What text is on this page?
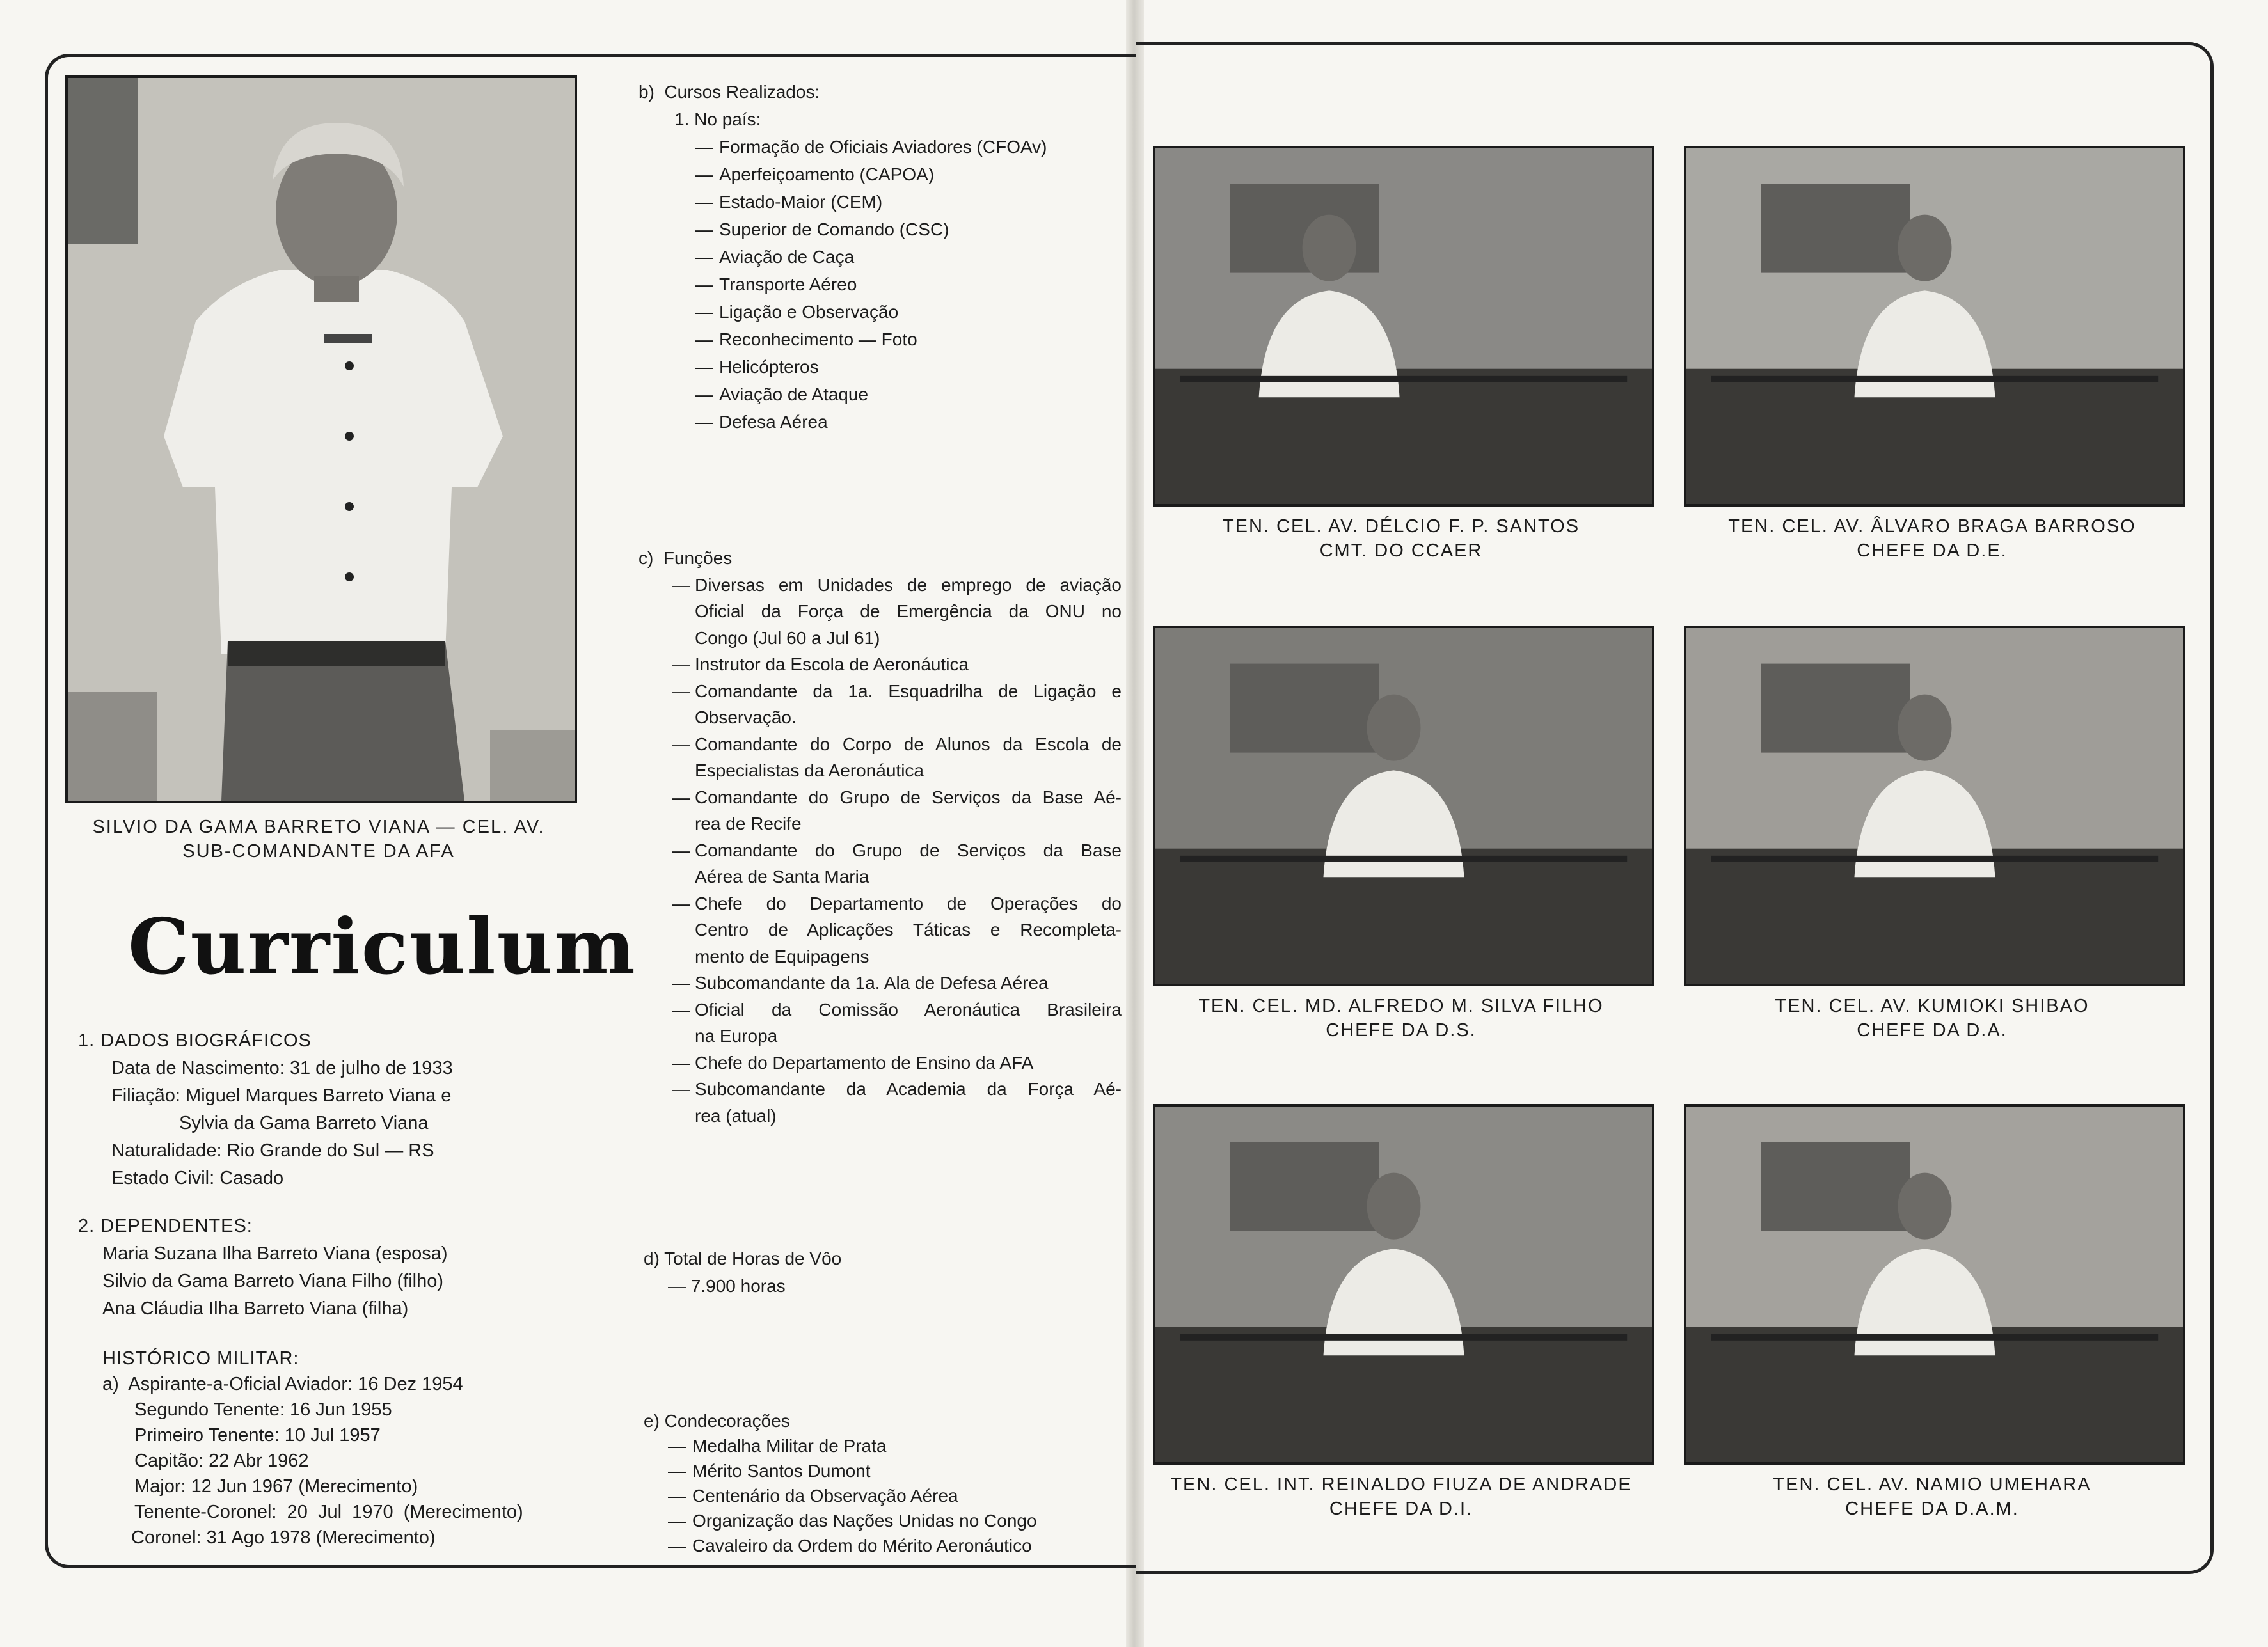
SILVIO DA GAMA BARRETO VIANA — CEL. AV.
SUB-COMANDANTE DA AFA
Curriculum
1. DADOS BIOGRÁFICOS
Data de Nascimento: 31 de julho de 1933
Filiação: Miguel Marques Barreto Viana e
Sylvia da Gama Barreto Viana
Naturalidade: Rio Grande do Sul — RS
Estado Civil: Casado
2. DEPENDENTES:
Maria Suzana Ilha Barreto Viana (esposa)
Silvio da Gama Barreto Viana Filho (filho)
Ana Cláudia Ilha Barreto Viana (filha)
HISTÓRICO MILITAR:
a)  Aspirante-a-Oficial Aviador: 16 Dez 1954
Segundo Tenente: 16 Jun 1955
Primeiro Tenente: 10 Jul 1957
Capitão: 22 Abr 1962
Major: 12 Jun 1967 (Merecimento)
Tenente-Coronel:  20  Jul  1970  (Merecimento)
Coronel: 31 Ago 1978 (Merecimento)
b)  Cursos Realizados:
1. No país:
— Formação de Oficiais Aviadores (CFOAv)
— Aperfeiçoamento (CAPOA)
— Estado-Maior (CEM)
— Superior de Comando (CSC)
— Aviação de Caça
— Transporte Aéreo
— Ligação e Observação
— Reconhecimento — Foto
— Helicópteros
— Aviação de Ataque
— Defesa Aérea
c)  Funções
— Diversas em Unidades de emprego de aviação
Oficial da Força de Emergência da ONU no
Congo (Jul 60 a Jul 61)
— Instrutor da Escola de Aeronáutica
— Comandante da 1a. Esquadrilha de Ligação e
Observação.
— Comandante do Corpo de Alunos da Escola de
Especialistas da Aeronáutica
— Comandante do Grupo de Serviços da Base Aé-
rea de Recife
— Comandante do Grupo de Serviços da Base
Aérea de Santa Maria
— Chefe do Departamento de Operações do
Centro de Aplicações Táticas e Recompleta-
mento de Equipagens
— Subcomandante da 1a. Ala de Defesa Aérea
— Oficial da Comissão Aeronáutica Brasileira
na Europa
— Chefe do Departamento de Ensino da AFA
— Subcomandante da Academia da Força Aé-
rea (atual)
d) Total de Horas de Vôo
— 7.900 horas
e) Condecorações
— Medalha Militar de Prata
— Mérito Santos Dumont
— Centenário da Observação Aérea
— Organização das Nações Unidas no Congo
— Cavaleiro da Ordem do Mérito Aeronáutico
TEN. CEL. AV. DÉLCIO F. P. SANTOS
CMT. DO CCAER
TEN. CEL. AV. ÂLVARO BRAGA BARROSO
CHEFE DA D.E.
TEN. CEL. MD. ALFREDO M. SILVA FILHO
CHEFE DA D.S.
TEN. CEL. AV. KUMIOKI SHIBAO
CHEFE DA D.A.
TEN. CEL. INT. REINALDO FIUZA DE ANDRADE
CHEFE DA D.I.
TEN. CEL. AV. NAMIO UMEHARA
CHEFE DA D.A.M.
